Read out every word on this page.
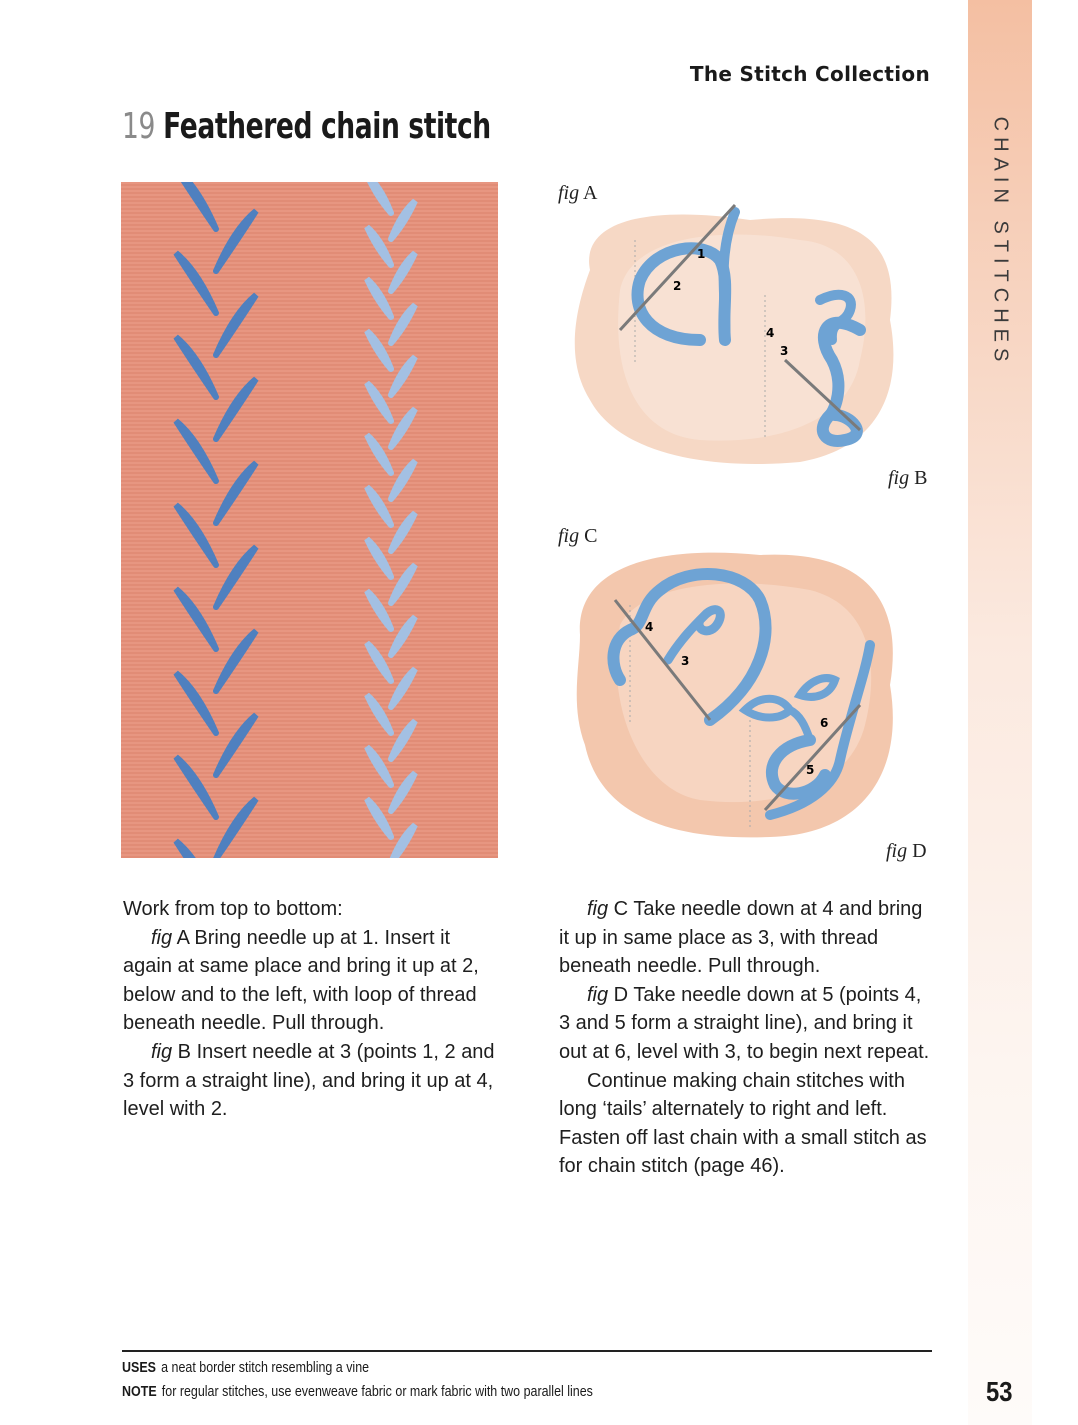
CHAIN STITCHES
The Stitch Collection
19 Feathered chain stitch
fig A
fig B
fig C
fig D
1
2
4
3
4
3
6
5

Work from top to bottom:

fig A Bring needle up at 1. Insert it again at same place and bring it up at 2, below and to the left, with loop of thread beneath needle. Pull through.

fig B Insert needle at 3 (points 1, 2 and 3 form a straight line), and bring it up at 4, level with 2.

fig C Take needle down at 4 and bring it up in same place as 3, with thread beneath needle. Pull through.

fig D Take needle down at 5 (points 4, 3 and 5 form a straight line), and bring it out at 6, level with 3, to begin next repeat.

Continue making chain stitches with long ‘tails’ alternately to right and left. Fasten off last chain with a small stitch as for chain stitch (page 46).

USES a neat border stitch resembling a vine
NOTE for regular stitches, use evenweave fabric or mark fabric with two parallel lines	53
